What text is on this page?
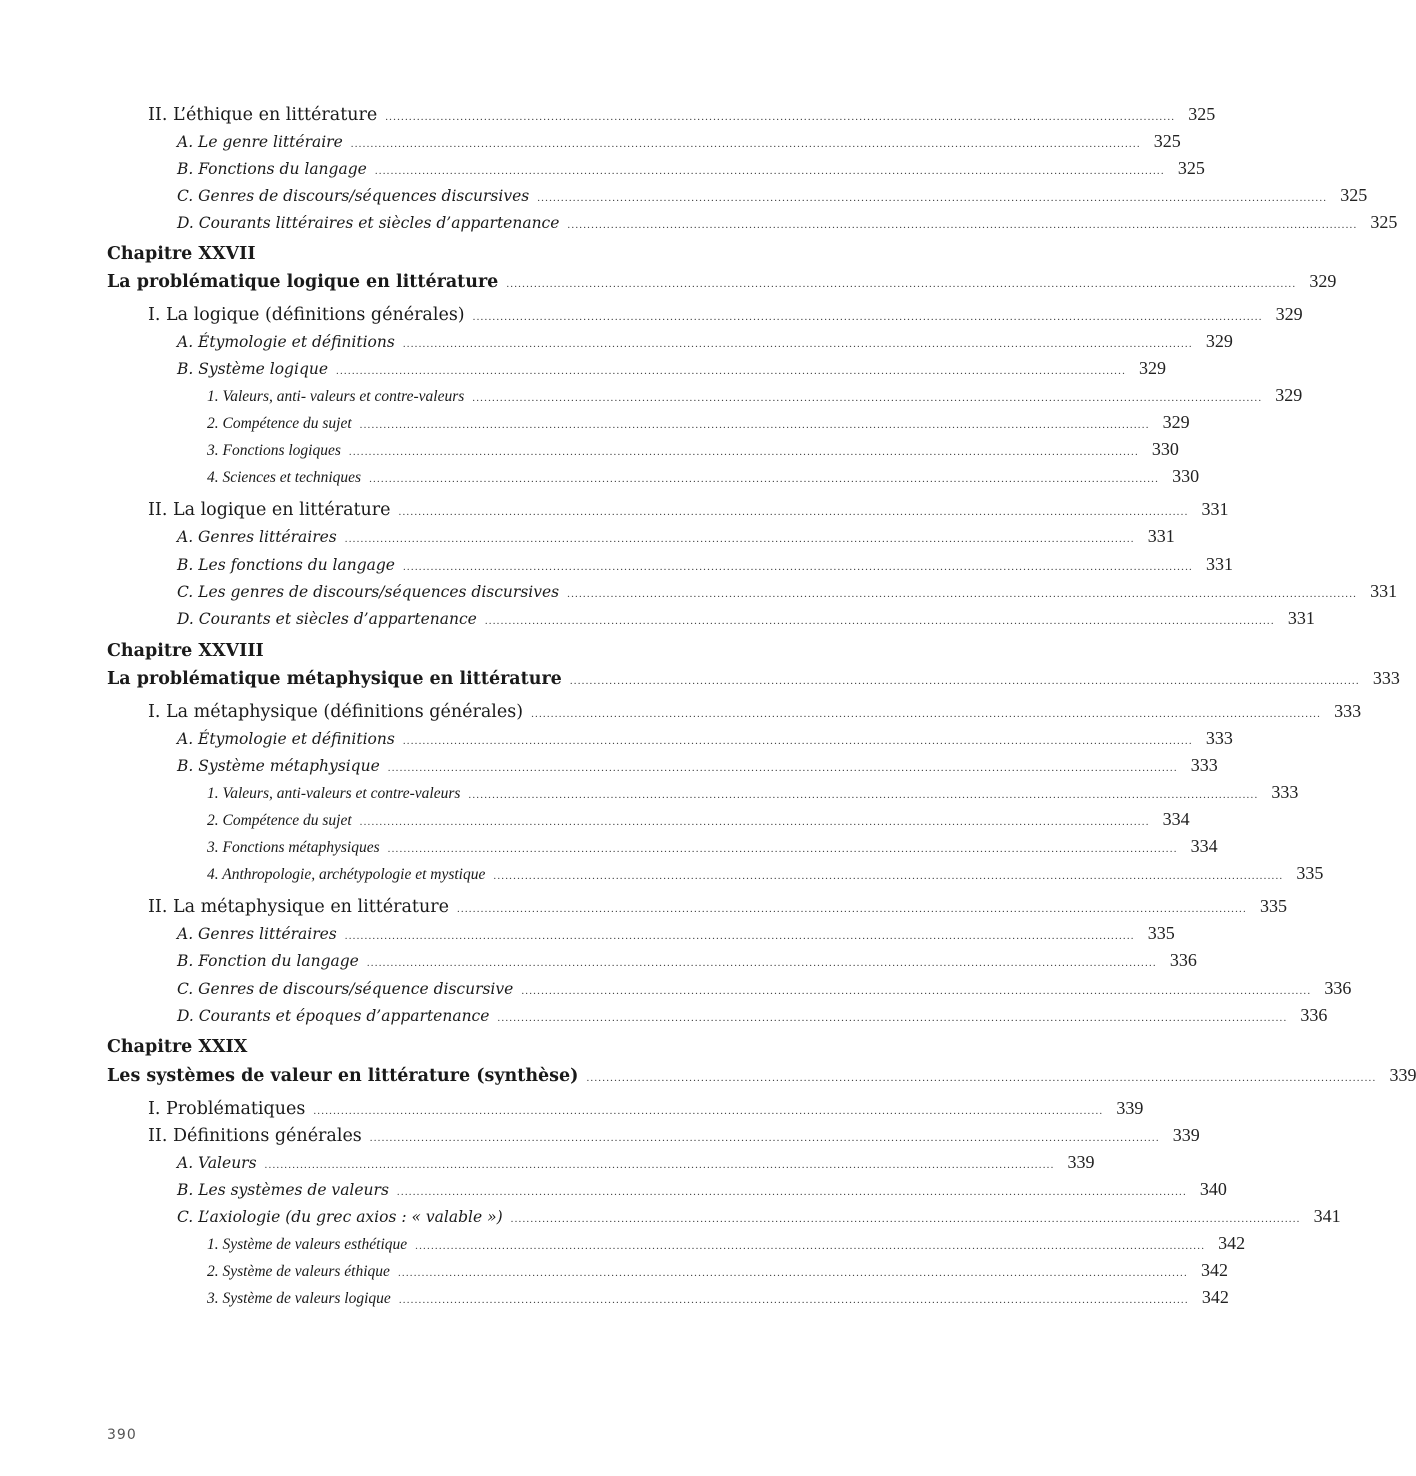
II. L’éthique en littérature ........................................................................................................................................................................................................ 325
A. Le genre littéraire ........................................................................................................................................................................................................ 325
B. Fonctions du langage ........................................................................................................................................................................................................ 325
C. Genres de discours/séquences discursives ........................................................................................................................................................................................................ 325
D. Courants littéraires et siècles d’appartenance ........................................................................................................................................................................................................ 325
Chapitre XXVII
La problématique logique en littérature ........................................................................................................................................................................................................ 329
I. La logique (définitions générales) ........................................................................................................................................................................................................ 329
A. Étymologie et définitions ........................................................................................................................................................................................................ 329
B. Système logique ........................................................................................................................................................................................................ 329
1. Valeurs, anti- valeurs et contre-valeurs ........................................................................................................................................................................................................ 329
2. Compétence du sujet ........................................................................................................................................................................................................ 329
3. Fonctions logiques ........................................................................................................................................................................................................ 330
4. Sciences et techniques ........................................................................................................................................................................................................ 330
II. La logique en littérature ........................................................................................................................................................................................................ 331
A. Genres littéraires ........................................................................................................................................................................................................ 331
B. Les fonctions du langage ........................................................................................................................................................................................................ 331
C. Les genres de discours/séquences discursives ........................................................................................................................................................................................................ 331
D. Courants et siècles d’appartenance ........................................................................................................................................................................................................ 331
Chapitre XXVIII
La problématique métaphysique en littérature ........................................................................................................................................................................................................ 333
I. La métaphysique (définitions générales) ........................................................................................................................................................................................................ 333
A. Étymologie et définitions ........................................................................................................................................................................................................ 333
B. Système métaphysique ........................................................................................................................................................................................................ 333
1. Valeurs, anti-valeurs et contre-valeurs ........................................................................................................................................................................................................ 333
2. Compétence du sujet ........................................................................................................................................................................................................ 334
3. Fonctions métaphysiques ........................................................................................................................................................................................................ 334
4. Anthropologie, archétypologie et mystique ........................................................................................................................................................................................................ 335
II. La métaphysique en littérature ........................................................................................................................................................................................................ 335
A. Genres littéraires ........................................................................................................................................................................................................ 335
B. Fonction du langage ........................................................................................................................................................................................................ 336
C. Genres de discours/séquence discursive ........................................................................................................................................................................................................ 336
D. Courants et époques d’appartenance ........................................................................................................................................................................................................ 336
Chapitre XXIX
Les systèmes de valeur en littérature (synthèse) ........................................................................................................................................................................................................ 339
I. Problématiques ........................................................................................................................................................................................................ 339
II. Définitions générales ........................................................................................................................................................................................................ 339
A. Valeurs ........................................................................................................................................................................................................ 339
B. Les systèmes de valeurs ........................................................................................................................................................................................................ 340
C. L’axiologie (du grec axios : « valable ») ........................................................................................................................................................................................................ 341
1. Système de valeurs esthétique ........................................................................................................................................................................................................ 342
2. Système de valeurs éthique ........................................................................................................................................................................................................ 342
3. Système de valeurs logique ........................................................................................................................................................................................................ 342
390
